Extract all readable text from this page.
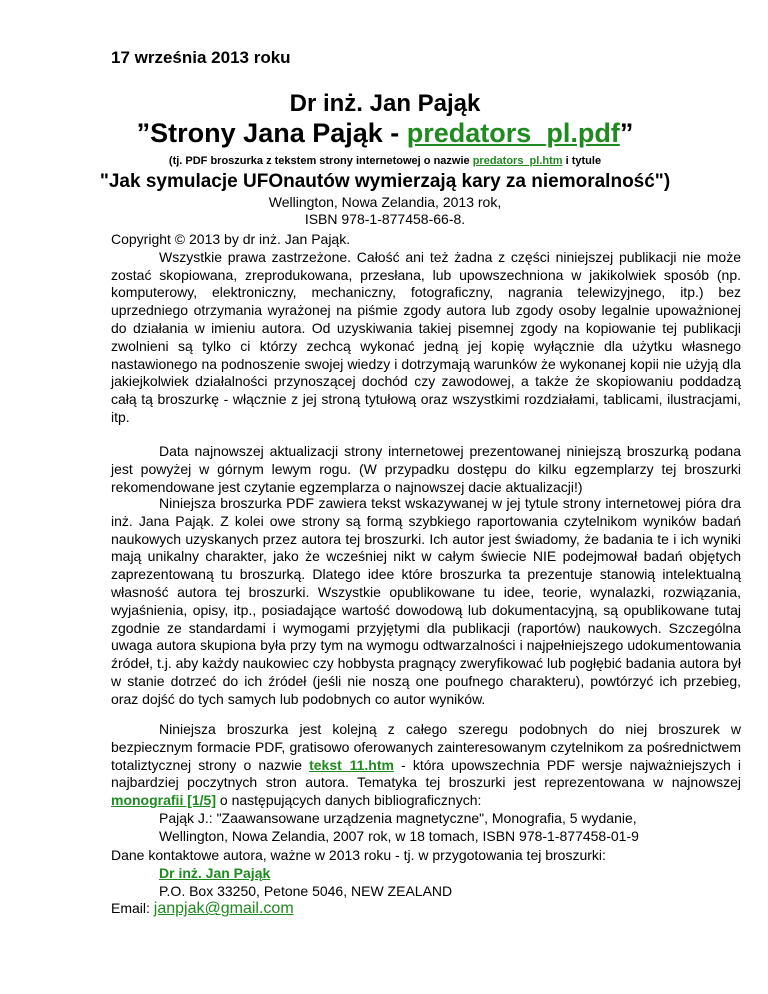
17 września 2013 roku
Dr inż. Jan Pająk
”Strony Jana Pająk - predators_pl.pdf”
(tj. PDF broszurka z tekstem strony internetowej o nazwie predators_pl.htm i tytule
"Jak symulacje UFOnautów wymierzają kary za niemoralność")
Wellington, Nowa Zelandia, 2013 rok,
ISBN 978-1-877458-66-8.

Copyright © 2013 by dr inż. Jan Pająk.

Wszystkie prawa zastrzeżone. Całość ani też żadna z części niniejszej publikacji nie może zostać skopiowana, zreprodukowana, przesłana, lub upowszechniona w jakikolwiek sposób (np. komputerowy, elektroniczny, mechaniczny, fotograficzny, nagrania telewizyjnego, itp.) bez uprzedniego otrzymania wyrażonej na piśmie zgody autora lub zgody osoby legalnie upoważnionej do działania w imieniu autora. Od uzyskiwania takiej pisemnej zgody na kopiowanie tej publikacji zwolnieni są tylko ci którzy zechcą wykonać jedną jej kopię wyłącznie dla użytku własnego nastawionego na podnoszenie swojej wiedzy i dotrzymają warunków że wykonanej kopii nie użyją dla jakiejkolwiek działalności przynoszącej dochód czy zawodowej, a także że skopiowaniu poddadzą całą tą broszurkę - włącznie z jej stroną tytułową oraz wszystkimi rozdziałami, tablicami, ilustracjami, itp.

Data najnowszej aktualizacji strony internetowej prezentowanej niniejszą broszurką podana jest powyżej w górnym lewym rogu. (W przypadku dostępu do kilku egzemplarzy tej broszurki rekomendowane jest czytanie egzemplarza o najnowszej dacie aktualizacji!)

Niniejsza broszurka PDF zawiera tekst wskazywanej w jej tytule strony internetowej pióra dra inż. Jana Pająk. Z kolei owe strony są formą szybkiego raportowania czytelnikom wyników badań naukowych uzyskanych przez autora tej broszurki. Ich autor jest świadomy, że badania te i ich wyniki mają unikalny charakter, jako że wcześniej nikt w całym świecie NIE podejmował badań objętych zaprezentowaną tu broszurką. Dlatego idee które broszurka ta prezentuje stanowią intelektualną własność autora tej broszurki. Wszystkie opublikowane tu idee, teorie, wynalazki, rozwiązania, wyjaśnienia, opisy, itp., posiadające wartość dowodową lub dokumentacyjną, są opublikowane tutaj zgodnie ze standardami i wymogami przyjętymi dla publikacji (raportów) naukowych. Szczególna uwaga autora skupiona była przy tym na wymogu odtwarzalności i najpełniejszego udokumentowania źródeł, t.j. aby każdy naukowiec czy hobbysta pragnący zweryfikować lub pogłębić badania autora był w stanie dotrzeć do ich źródeł (jeśli nie noszą one poufnego charakteru), powtórzyć ich przebieg, oraz dojść do tych samych lub podobnych co autor wyników.

Niniejsza broszurka jest kolejną z całego szeregu podobnych do niej broszurek w bezpiecznym formacie PDF, gratisowo oferowanych zainteresowanym czytelnikom za pośrednictwem totaliztycznej strony o nazwie tekst_11.htm - która upowszechnia PDF wersje najważniejszych i najbardziej poczytnych stron autora. Tematyka tej broszurki jest reprezentowana w najnowszej monografii [1/5] o następujących danych bibliograficznych:

Pająk J.: "Zaawansowane urządzenia magnetyczne", Monografia, 5 wydanie,

Wellington, Nowa Zelandia, 2007 rok, w 18 tomach, ISBN 978-1-877458-01-9

Dane kontaktowe autora, ważne w 2013 roku - tj. w przygotowania tej broszurki:

Dr inż. Jan Pająk

P.O. Box 33250, Petone 5046, NEW ZEALAND

Email: janpjak@gmail.com
